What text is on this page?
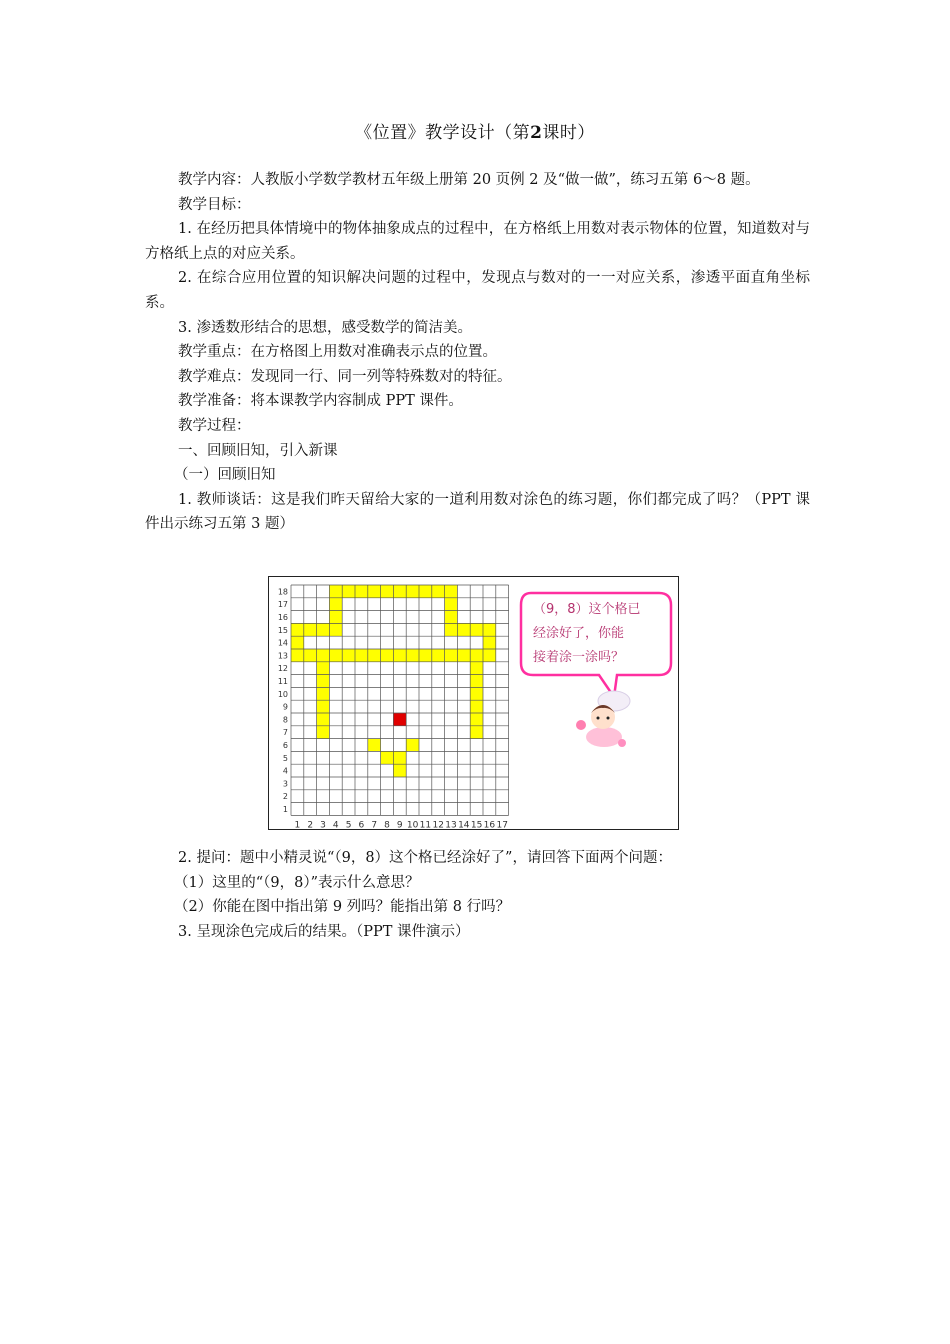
《位置》教学设计（第2课时）

教学内容：人教版小学数学教材五年级上册第 20 页例 2 及“做一做”，练习五第 6～8 题。

教学目标：

1. 在经历把具体情境中的物体抽象成点的过程中，在方格纸上用数对表示物体的位置，知道数对与方格纸上点的对应关系。

2. 在综合应用位置的知识解决问题的过程中，发现点与数对的一一对应关系，渗透平面直角坐标系。

3. 渗透数形结合的思想，感受数学的简洁美。

教学重点：在方格图上用数对准确表示点的位置。

教学难点：发现同一行、同一列等特殊数对的特征。

教学准备：将本课教学内容制成 PPT 课件。

教学过程：

一、回顾旧知，引入新课

（一）回顾旧知

1. 教师谈话：这是我们昨天留给大家的一道利用数对涂色的练习题，你们都完成了吗？（PPT 课件出示练习五第 3 题）

1 2 3 4 5 6 7 8 9 10 11 12 13 14 15 16 17
1
2
3
4
5
6
7
8
9
10
11
12
13
14
15
16
17
18
（9，8）这个格已
经涂好了，你能
接着涂一涂吗？

2. 提问：题中小精灵说“（9，8）这个格已经涂好了”，请回答下面两个问题：

（1）这里的“（9，8）”表示什么意思？

（2）你能在图中指出第 9 列吗？能指出第 8 行吗？

3. 呈现涂色完成后的结果。（PPT 课件演示）
